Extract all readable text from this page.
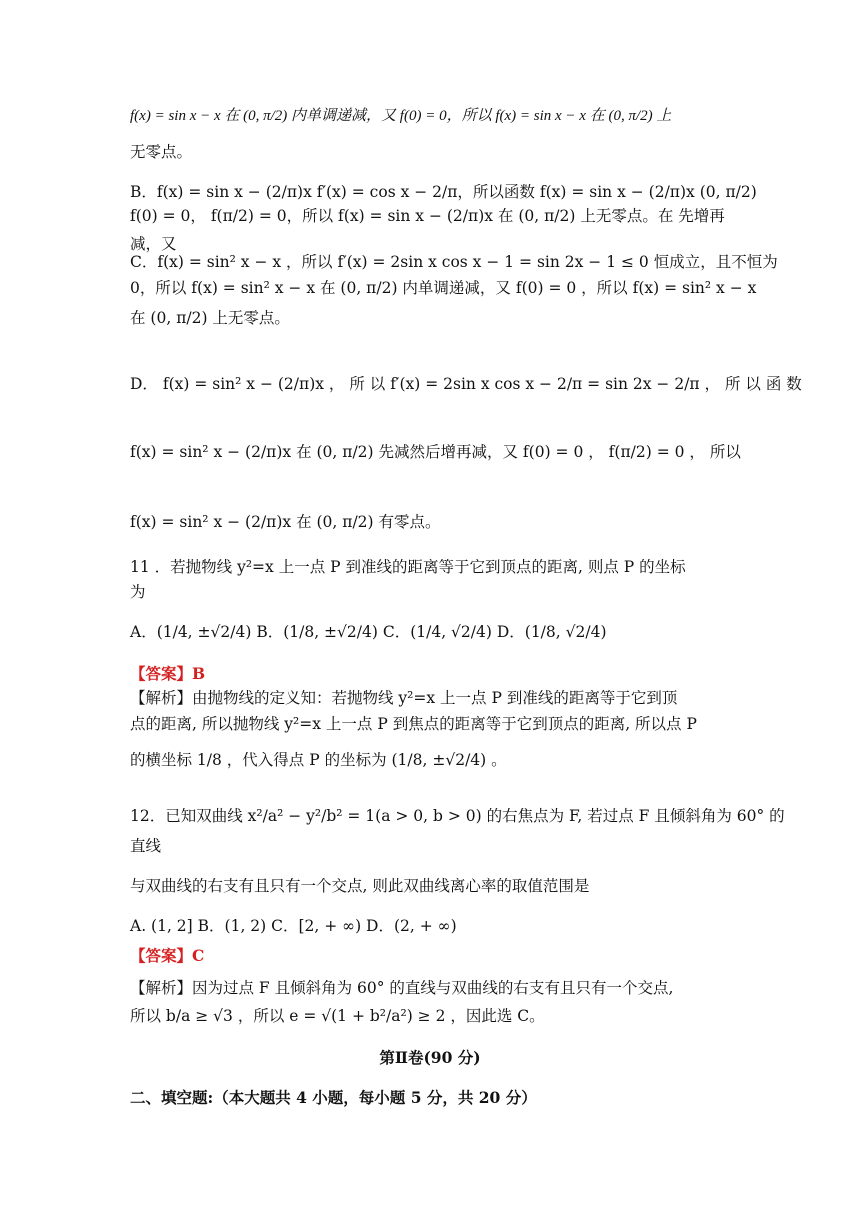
f(x) = sin x − x 在 (0, π/2) 内单调递减，又 f(0) = 0，所以 f(x) = sin x − x 在 (0, π/2) 上
无零点。
B．f(x) = sin x − (2/π)x f′(x) = cos x − 2/π，所以函数 f(x) = sin x − (2/π)x (0, π/2)
f(0) = 0， f(π/2) = 0，所以 f(x) = sin x − (2/π)x 在 (0, π/2) 上无零点。在 先增再
减，又
C．f(x) = sin² x − x ，所以 f′(x) = 2sin x cos x − 1 = sin 2x − 1 ≤ 0 恒成立，且不恒为
0，所以 f(x) = sin² x − x 在 (0, π/2) 内单调递减，又 f(0) = 0 ，所以 f(x) = sin² x − x
在 (0, π/2) 上无零点。
D． f(x) = sin² x − (2/π)x ， 所 以 f′(x) = 2sin x cos x − 2/π = sin 2x − 2/π ， 所 以 函 数
f(x) = sin² x − (2/π)x 在 (0, π/2) 先减然后增再减，又 f(0) = 0 ， f(π/2) = 0 ， 所以
f(x) = sin² x − (2/π)x 在 (0, π/2) 有零点。
11 ．若抛物线 y²=x 上一点 P 到准线的距离等于它到顶点的距离, 则点 P 的坐标
为
A．(1/4, ±√2/4) B．(1/8, ±√2/4) C．(1/4, √2/4) D．(1/8, √2/4)
【答案】B
【解析】由抛物线的定义知：若抛物线 y²=x 上一点 P 到准线的距离等于它到顶
点的距离, 所以抛物线 y²=x 上一点 P 到焦点的距离等于它到顶点的距离, 所以点 P
的横坐标 1/8 ，代入得点 P 的坐标为 (1/8, ±√2/4) 。
12．已知双曲线 x²/a² − y²/b² = 1(a > 0, b > 0) 的右焦点为 F, 若过点 F 且倾斜角为 60° 的
直线
与双曲线的右支有且只有一个交点, 则此双曲线离心率的取值范围是
A. (1, 2] B．(1, 2) C．[2, + ∞) D．(2, + ∞)
【答案】C
【解析】因为过点 F 且倾斜角为 60° 的直线与双曲线的右支有且只有一个交点,
所以 b/a ≥ √3 ，所以 e = √(1 + b²/a²) ≥ 2 ，因此选 C。
第Ⅱ卷(90 分)
二、填空题:（本大题共 4 小题，每小题 5 分，共 20 分）
